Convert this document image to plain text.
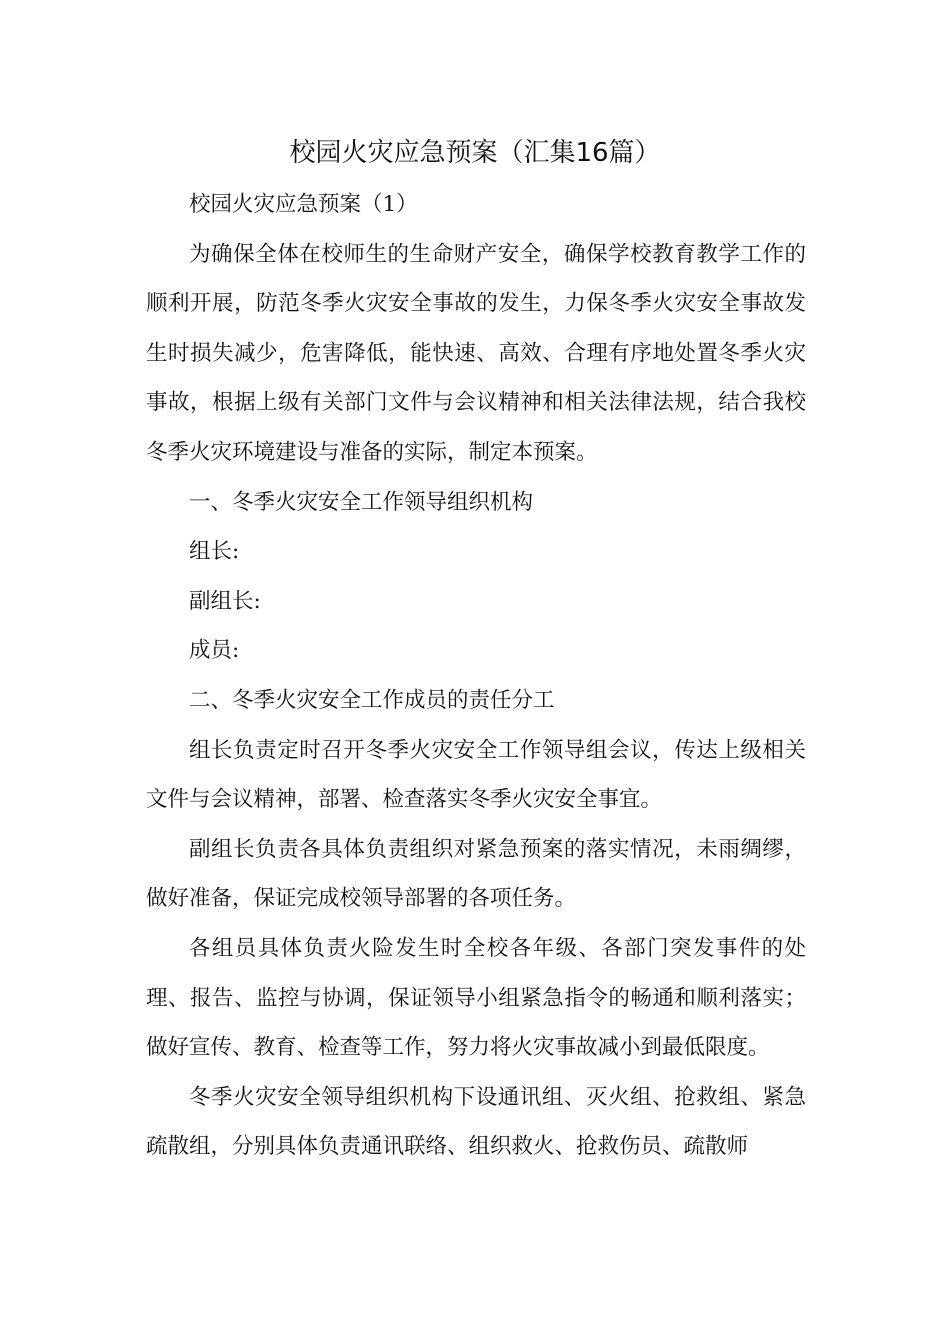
校园火灾应急预案（汇集16篇）

校园火灾应急预案（1）

为确保全体在校师生的生命财产安全，确保学校教育教学工作的顺利开展，防范冬季火灾安全事故的发生，力保冬季火灾安全事故发生时损失减少，危害降低，能快速、高效、合理有序地处置冬季火灾事故，根据上级有关部门文件与会议精神和相关法律法规，结合我校冬季火灾环境建设与准备的实际，制定本预案。

一、冬季火灾安全工作领导组织机构

组长:

副组长:

成员:

二、冬季火灾安全工作成员的责任分工

组长负责定时召开冬季火灾安全工作领导组会议，传达上级相关文件与会议精神，部署、检查落实冬季火灾安全事宜。

副组长负责各具体负责组织对紧急预案的落实情况，未雨绸缪，做好准备，保证完成校领导部署的各项任务。

各组员具体负责火险发生时全校各年级、各部门突发事件的处理、报告、监控与协调，保证领导小组紧急指令的畅通和顺利落实；做好宣传、教育、检查等工作，努力将火灾事故减小到最低限度。

冬季火灾安全领导组织机构下设通讯组、灭火组、抢救组、紧急疏散组，分别具体负责通讯联络、组织救火、抢救伤员、疏散师
